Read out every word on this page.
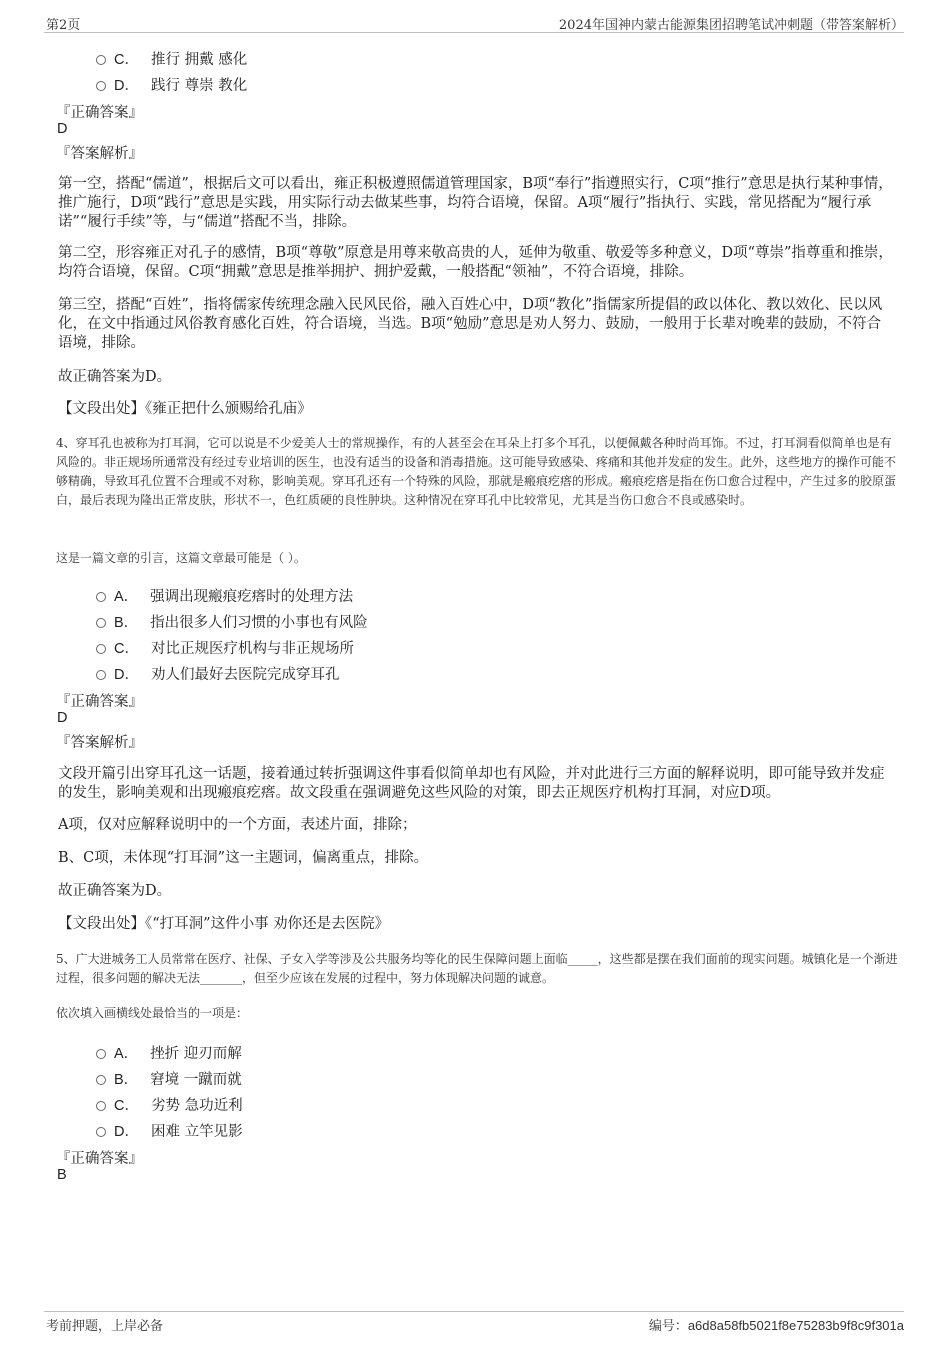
第2页	2024年国神内蒙古能源集团招聘笔试冲刺题（带答案解析）
C． 推行 拥戴 感化
D． 践行 尊崇 教化
『正确答案』
D
『答案解析』
第一空，搭配“儒道”，根据后文可以看出，雍正积极遵照儒道管理国家，B项“奉行”指遵照实行，C项“推行”意思是执行某种事情，推广施行，D项“践行”意思是实践，用实际行动去做某些事，均符合语境，保留。A项“履行”指执行、实践，常见搭配为“履行承诺”“履行手续”等，与“儒道”搭配不当，排除。
第二空，形容雍正对孔子的感情，B项“尊敬”原意是用尊来敬高贵的人，延伸为敬重、敬爱等多种意义，D项“尊崇”指尊重和推崇，均符合语境，保留。C项“拥戴”意思是推举拥护、拥护爱戴，一般搭配“领袖”，不符合语境，排除。
第三空，搭配“百姓”，指将儒家传统理念融入民风民俗，融入百姓心中，D项“教化”指儒家所提倡的政以体化、教以效化、民以风化，在文中指通过风俗教育感化百姓，符合语境，当选。B项“勉励”意思是劝人努力、鼓励，一般用于长辈对晚辈的鼓励，不符合语境，排除。
故正确答案为D。
【文段出处】《雍正把什么颁赐给孔庙》
4、穿耳孔也被称为打耳洞，它可以说是不少爱美人士的常规操作，有的人甚至会在耳朵上打多个耳孔，以便佩戴各种时尚耳饰。不过，打耳洞看似简单也是有风险的。非正规场所通常没有经过专业培训的医生，也没有适当的设备和消毒措施。这可能导致感染、疼痛和其他并发症的发生。此外，这些地方的操作可能不够精确，导致耳孔位置不合理或不对称，影响美观。穿耳孔还有一个特殊的风险，那就是瘢痕疙瘩的形成。瘢痕疙瘩是指在伤口愈合过程中，产生过多的胶原蛋白，最后表现为隆出正常皮肤，形状不一，色红质硬的良性肿块。这种情况在穿耳孔中比较常见，尤其是当伤口愈合不良或感染时。
这是一篇文章的引言，这篇文章最可能是（ ）。
A． 强调出现瘢痕疙瘩时的处理方法
B． 指出很多人们习惯的小事也有风险
C． 对比正规医疗机构与非正规场所
D． 劝人们最好去医院完成穿耳孔
『正确答案』
D
『答案解析』
文段开篇引出穿耳孔这一话题，接着通过转折强调这件事看似简单却也有风险，并对此进行三方面的解释说明，即可能导致并发症的发生，影响美观和出现瘢痕疙瘩。故文段重在强调避免这些风险的对策，即去正规医疗机构打耳洞，对应D项。
A项，仅对应解释说明中的一个方面，表述片面，排除；
B、C项，未体现“打耳洞”这一主题词，偏离重点，排除。
故正确答案为D。
【文段出处】《“打耳洞”这件小事 劝你还是去医院》
5、广大进城务工人员常常在医疗、社保、子女入学等涉及公共服务均等化的民生保障问题上面临_____，这些都是摆在我们面前的现实问题。城镇化是一个渐进过程，很多问题的解决无法_______，但至少应该在发展的过程中，努力体现解决问题的诚意。
依次填入画横线处最恰当的一项是：
A． 挫折 迎刃而解
B． 窘境 一蹴而就
C． 劣势 急功近利
D． 困难 立竿见影
『正确答案』
B
考前押题，上岸必备	编号：a6d8a58fb5021f8e75283b9f8c9f301a
